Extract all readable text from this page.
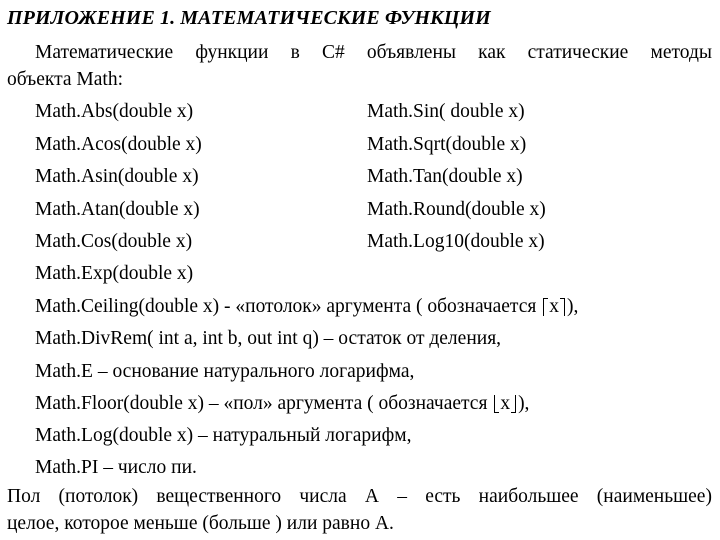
ПРИЛОЖЕНИЕ 1. МАТЕМАТИЧЕСКИЕ ФУНКЦИИ
Математические функции в C# объявлены как статические методы
объекта Math:
Math.Abs(double x)	Math.Sin( double x)
Math.Acos(double x)	Math.Sqrt(double x)
Math.Asin(double x)	Math.Tan(double x)
Math.Atan(double x)	Math.Round(double x)
Math.Cos(double x)	Math.Log10(double x)
Math.Exp(double x)
Math.Ceiling(double x) - «потолок» аргумента ( обозначается x ),
Math.DivRem( int a, int b, out int q) – остаток от деления,
Math.E – основание натурального логарифма,
Math.Floor(double x) – «пол» аргумента ( обозначается x ),
Math.Log(double x) – натуральный логарифм,
Math.PI – число пи.
Пол (потолок) вещественного числа A – есть наибольшее (наименьшее)
целое, которое меньше (больше ) или равно A.
